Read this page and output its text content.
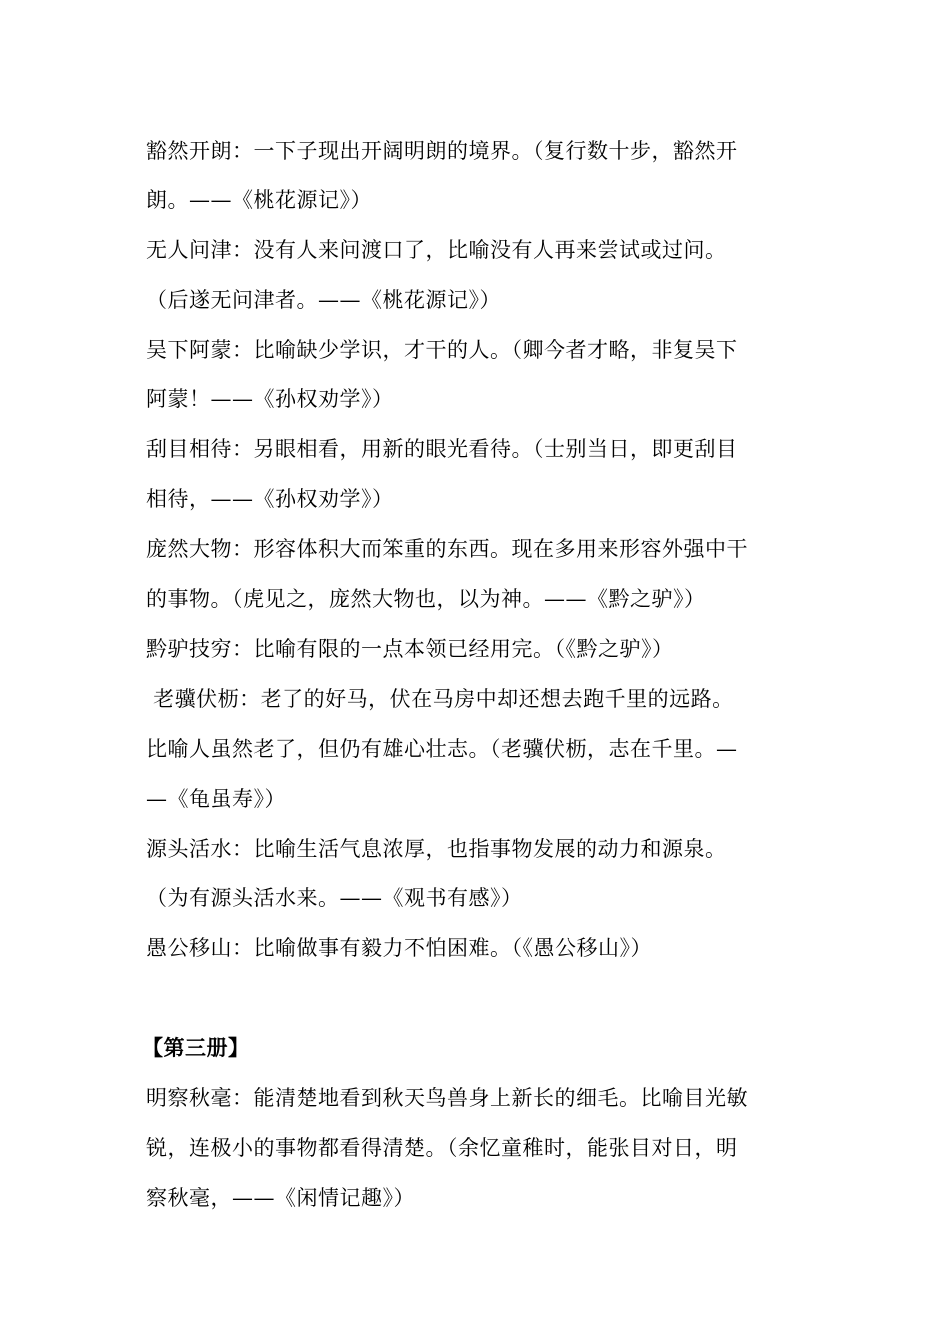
豁然开朗：一下子现出开阔明朗的境界。（复行数十步，豁然开
朗。——《桃花源记》）
无人问津：没有人来问渡口了，比喻没有人再来尝试或过问。
（后遂无问津者。——《桃花源记》）
吴下阿蒙：比喻缺少学识，才干的人。（卿今者才略，非复吴下
阿蒙！——《孙权劝学》）
刮目相待：另眼相看，用新的眼光看待。（士别当日，即更刮目
相待，——《孙权劝学》）
庞然大物：形容体积大而笨重的东西。现在多用来形容外强中干
的事物。（虎见之，庞然大物也，以为神。——《黔之驴》）
黔驴技穷：比喻有限的一点本领已经用完。（《黔之驴》）
老骥伏枥：老了的好马，伏在马房中却还想去跑千里的远路。
比喻人虽然老了，但仍有雄心壮志。（老骥伏枥，志在千里。—
—《龟虽寿》）
源头活水：比喻生活气息浓厚，也指事物发展的动力和源泉。
（为有源头活水来。——《观书有感》）
愚公移山：比喻做事有毅力不怕困难。（《愚公移山》）
【第三册】
明察秋毫：能清楚地看到秋天鸟兽身上新长的细毛。比喻目光敏
锐，连极小的事物都看得清楚。（余忆童稚时，能张目对日，明
察秋毫，——《闲情记趣》）
